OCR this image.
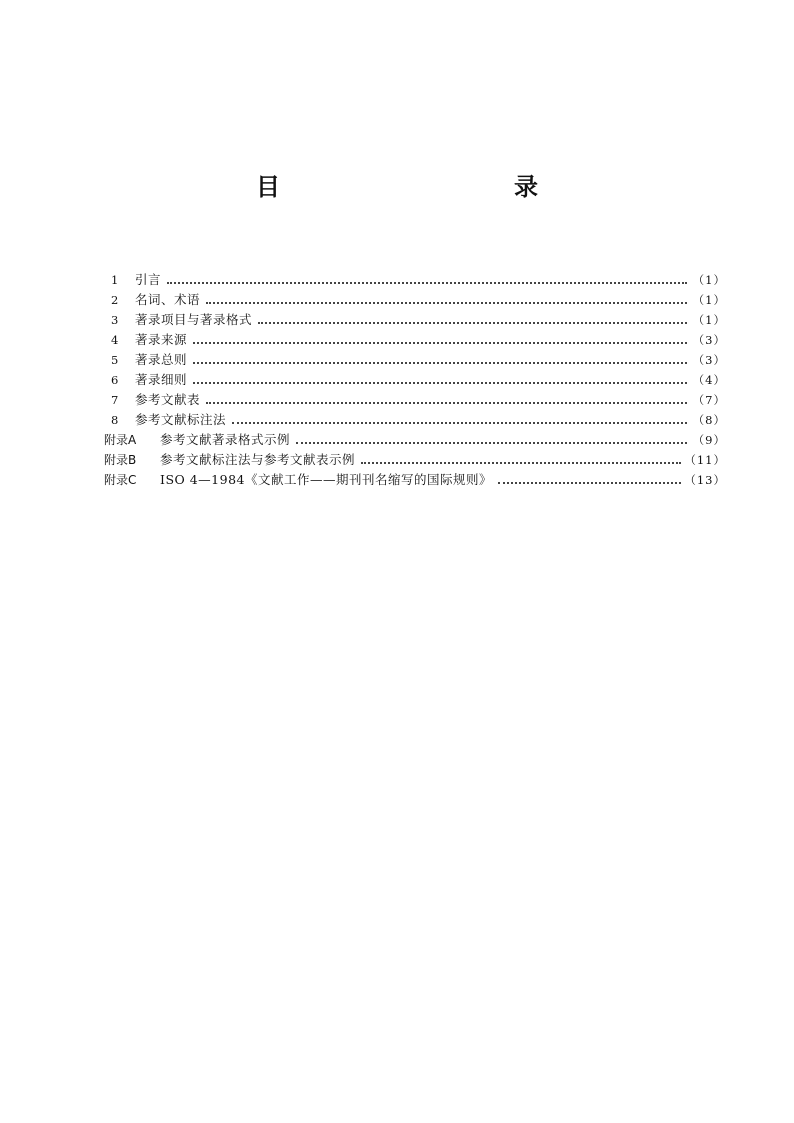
目　　录
1	引言	（1）
2	名词、术语	（1）
3	著录项目与著录格式	（1）
4	著录来源	（3）
5	著录总则	（3）
6	著录细则	（4）
7	参考文献表	（7）
8	参考文献标注法	（8）
附录A	参考文献著录格式示例	（9）
附录B	参考文献标注法与参考文献表示例	（11）
附录C	ISO 4—1984《文献工作——期刊刊名缩写的国际规则》	（13）
